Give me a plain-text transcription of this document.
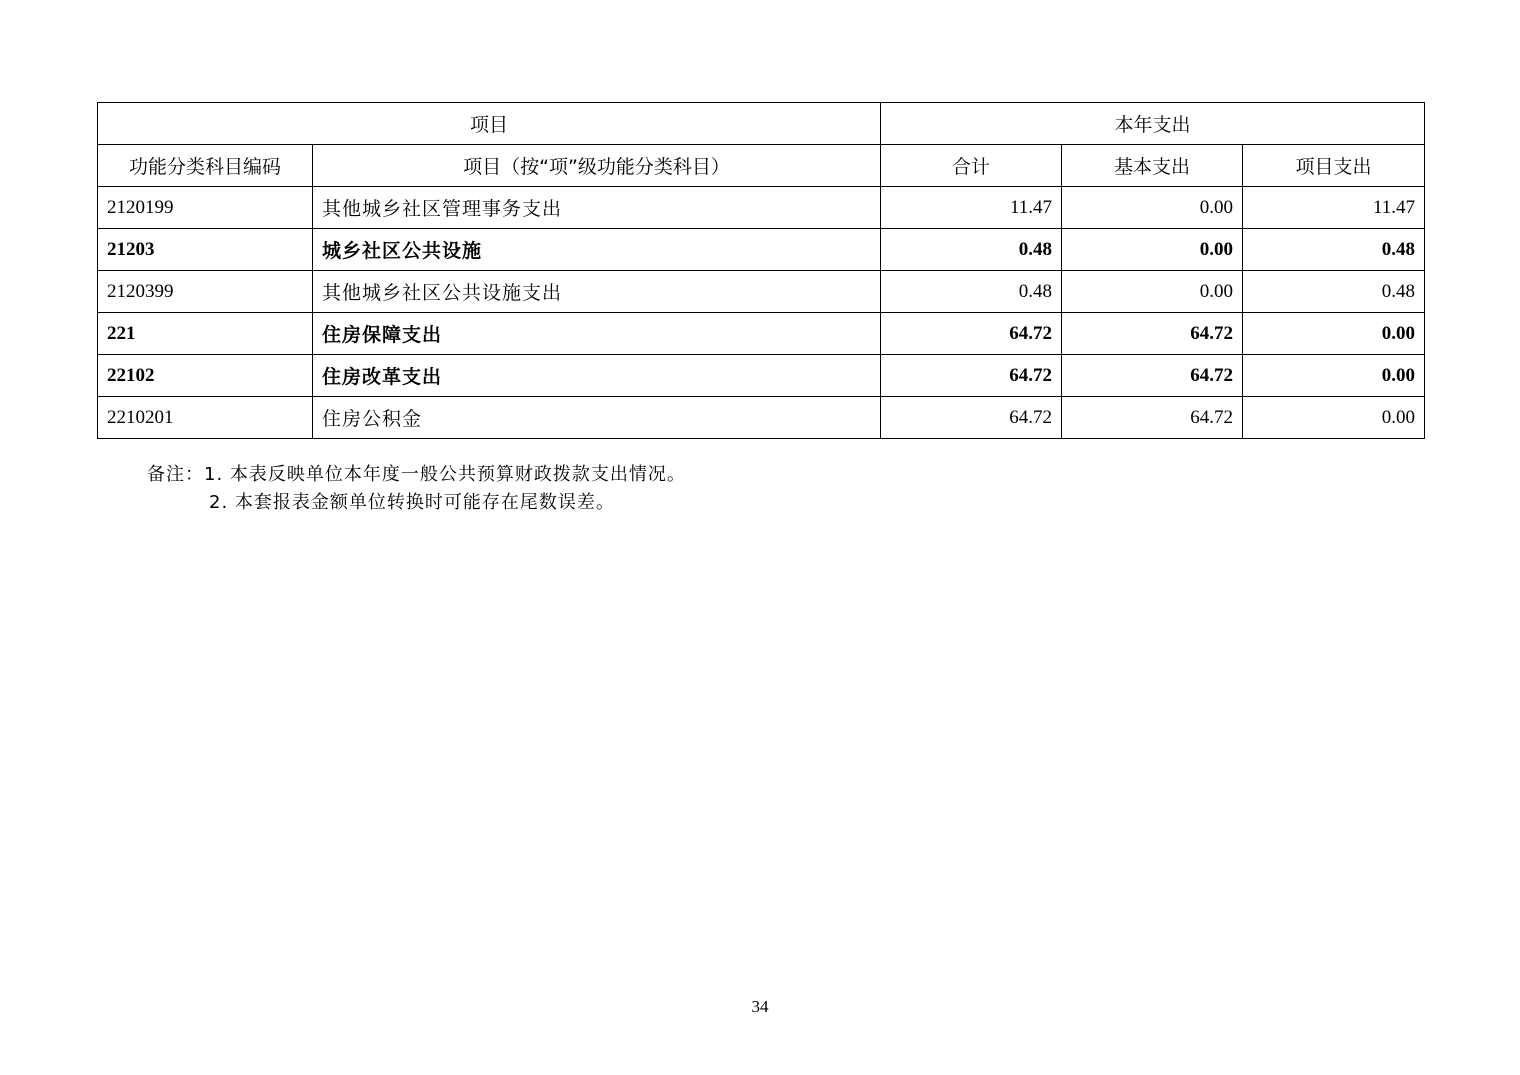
项目		本年支出		
功能分类科目编码	项目（按“项”级功能分类科目）	合计	基本支出	项目支出
2120199	其他城乡社区管理事务支出	11.47	0.00	11.47
21203	城乡社区公共设施	0.48	0.00	0.48
2120399	其他城乡社区公共设施支出	0.48	0.00	0.48
221	住房保障支出	64.72	64.72	0.00
22102	住房改革支出	64.72	64.72	0.00
2210201	住房公积金	64.72	64.72	0.00
备注：1. 本表反映单位本年度一般公共预算财政拨款支出情况。
2. 本套报表金额单位转换时可能存在尾数误差。
34
